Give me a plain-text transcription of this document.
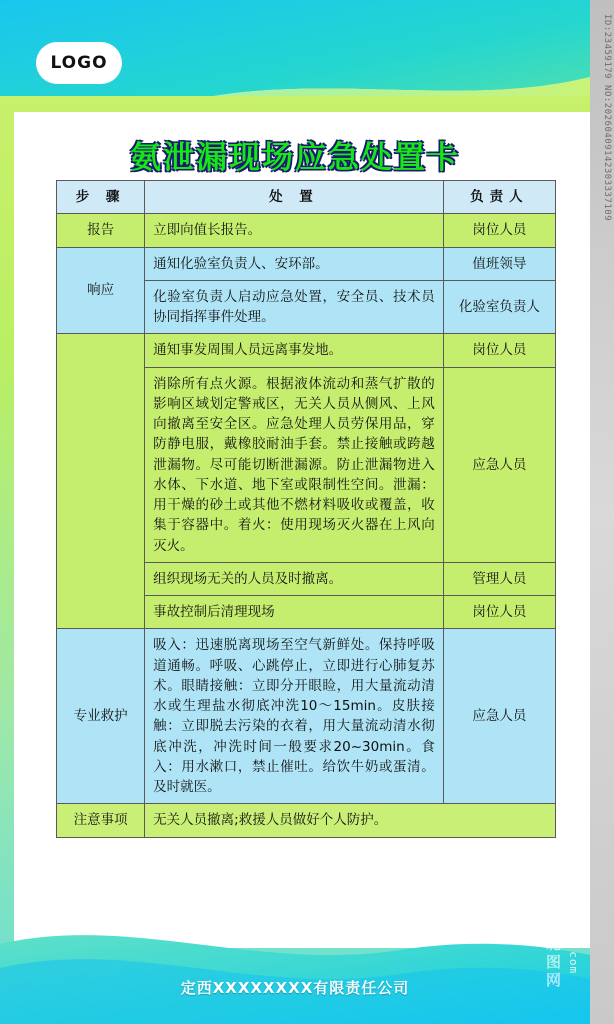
ID:23459179 NO:20260409142303337109
LOGO
氨泄漏现场应急处置卡
步 骤	处 置	负责人
报告	立即向值长报告。	岗位人员
响应	通知化验室负责人、安环部。	值班领导
	化验室负责人启动应急处置，安全员、技术员协同指挥事件处理。	化验室负责人
	通知事发周围人员远离事发地。	岗位人员
	消除所有点火源。根据液体流动和蒸气扩散的影响区域划定警戒区，无关人员从侧风、上风向撤离至安全区。应急处理人员劳保用品，穿防静电服，戴橡胶耐油手套。禁止接触或跨越泄漏物。尽可能切断泄漏源。防止泄漏物进入水体、下水道、地下室或限制性空间。泄漏：用干燥的砂土或其他不燃材料吸收或覆盖，收集于容器中。着火：使用现场灭火器在上风向灭火。	应急人员
	组织现场无关的人员及时撤离。	管理人员
	事故控制后清理现场	岗位人员
专业救护	吸入：迅速脱离现场至空气新鲜处。保持呼吸道通畅。呼吸、心跳停止，立即进行心肺复苏术。眼睛接触：立即分开眼睑，用大量流动清水或生理盐水彻底冲洗10～15min。皮肤接触：立即脱去污染的衣着，用大量流动清水彻底冲洗，冲洗时间一般要求20~30min。食入：用水漱口，禁止催吐。给饮牛奶或蛋清。及时就医。	应急人员
注意事项	无关人员撤离;救援人员做好个人防护。	
定西XXXXXXXX有限责任公司
www.nipic.com
昵图网
